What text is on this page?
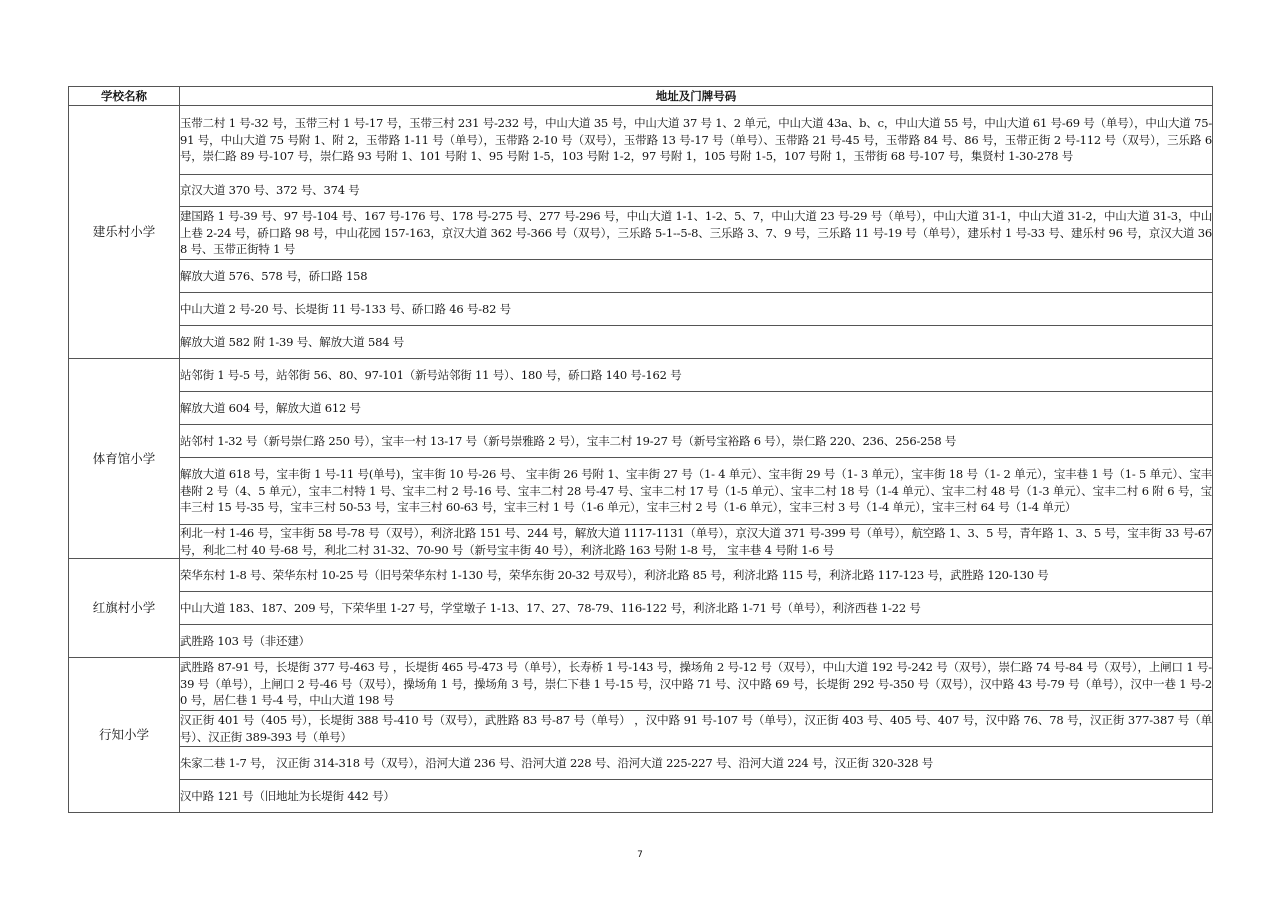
学校名称	地址及门牌号码
建乐村小学	玉带二村 1 号-32 号，玉带三村 1 号-17 号，玉带三村 231 号-232 号，中山大道 35 号，中山大道 37 号 1、2 单元，中山大道 43a、b、c，中山大道 55 号，中山大道 61 号-69 号（单号），中山大道 75-91 号，中山大道 75 号附 1、附 2，玉带路 1-11 号（单号），玉带路 2-10 号（双号），玉带路 13 号-17 号（单号）、玉带路 21 号-45 号，玉带路 84 号、86 号，玉带正街 2 号-112 号（双号），三乐路 6 号，崇仁路 89 号-107 号，崇仁路 93 号附 1、101 号附 1、95 号附 1-5，103 号附 1-2，97 号附 1，105 号附 1-5，107 号附 1，玉带街 68 号-107 号，集贤村 1-30-278 号
	京汉大道 370 号、372 号、374 号
	建国路 1 号-39 号、97 号-104 号、167 号-176 号、178 号-275 号、277 号-296 号，中山大道 1-1、1-2、5、7，中山大道 23 号-29 号（单号），中山大道 31-1，中山大道 31-2，中山大道 31-3，中山上巷 2-24 号，硚口路 98 号，中山花园 157-163，京汉大道 362 号-366 号（双号），三乐路 5-1--5-8、三乐路 3、7、9 号，三乐路 11 号-19 号（单号），建乐村 1 号-33 号、建乐村 96 号，京汉大道 368 号、玉带正街特 1 号
	解放大道 576、578 号，硚口路 158
	中山大道 2 号-20 号、长堤街 11 号-133 号、硚口路 46 号-82 号
	解放大道 582 附 1-39 号、解放大道 584 号
体育馆小学	站邻街 1 号-5 号，站邻街 56、80、97-101（新号站邻街 11 号）、180 号，硚口路 140 号-162 号
	解放大道 604 号，解放大道 612 号
	站邻村 1-32 号（新号崇仁路 250 号），宝丰一村 13-17 号（新号崇雅路 2 号），宝丰二村 19-27 号（新号宝裕路 6 号），崇仁路 220、236、256-258 号
	解放大道 618 号，宝丰街 1 号-11 号(单号)，宝丰街 10 号-26 号、 宝丰街 26 号附 1、宝丰街 27 号（1- 4 单元）、宝丰街 29 号（1- 3 单元），宝丰街 18 号（1- 2 单元），宝丰巷 1 号（1- 5 单元）、宝丰巷附 2 号（4、5 单元），宝丰二村特 1 号、宝丰二村 2 号-16 号、宝丰二村 28 号-47 号、宝丰二村 17 号（1-5 单元）、宝丰二村 18 号（1-4 单元）、宝丰二村 48 号（1-3 单元）、宝丰二村 6 附 6 号，宝丰三村 15 号-35 号，宝丰三村 50-53 号，宝丰三村 60-63 号，宝丰三村 1 号（1-6 单元），宝丰三村 2 号（1-6 单元），宝丰三村 3 号（1-4 单元），宝丰三村 64 号（1-4 单元）
	利北一村 1-46 号，宝丰街 58 号-78 号（双号），利济北路 151 号、244 号，解放大道 1117-1131（单号），京汉大道 371 号-399 号（单号），航空路 1、3、5 号，青年路 1、3、5 号，宝丰街 33 号-67 号，利北二村 40 号-68 号，利北二村 31-32、70-90 号（新号宝丰街 40 号），利济北路 163 号附 1-8 号， 宝丰巷 4 号附 1-6 号
红旗村小学	荣华东村 1-8 号、荣华东村 10-25 号（旧号荣华东村 1-130 号，荣华东街 20-32 号双号），利济北路 85 号，利济北路 115 号，利济北路 117-123 号，武胜路 120-130 号
	中山大道 183、187、209 号，下荣华里 1-27 号，学堂墩子 1-13、17、27、78-79、116-122 号，利济北路 1-71 号（单号），利济西巷 1-22 号
	武胜路 103 号（非还建）
行知小学	武胜路 87-91 号，长堤街 377 号-463 号 ，长堤街 465 号-473 号（单号），长寿桥 1 号-143 号，操场角 2 号-12 号（双号），中山大道 192 号-242 号（双号），崇仁路 74 号-84 号（双号），上闸口 1 号-39 号（单号），上闸口 2 号-46 号（双号），操场角 1 号，操场角 3 号，崇仁下巷 1 号-15 号，汉中路 71 号、汉中路 69 号，长堤街 292 号-350 号（双号），汉中路 43 号-79 号（单号），汉中一巷 1 号-20 号，居仁巷 1 号-4 号，中山大道 198 号
	汉正街 401 号（405 号），长堤街 388 号-410 号（双号），武胜路 83 号-87 号（单号） ，汉中路 91 号-107 号（单号），汉正街 403 号、405 号、407 号，汉中路 76、78 号，汉正街 377-387 号（单号）、汉正街 389-393 号（单号）
	朱家二巷 1-7 号， 汉正街 314-318 号（双号），沿河大道 236 号、沿河大道 228 号、沿河大道 225-227 号、沿河大道 224 号，汉正街 320-328 号
	汉中路 121 号（旧地址为长堤街 442 号）
7
